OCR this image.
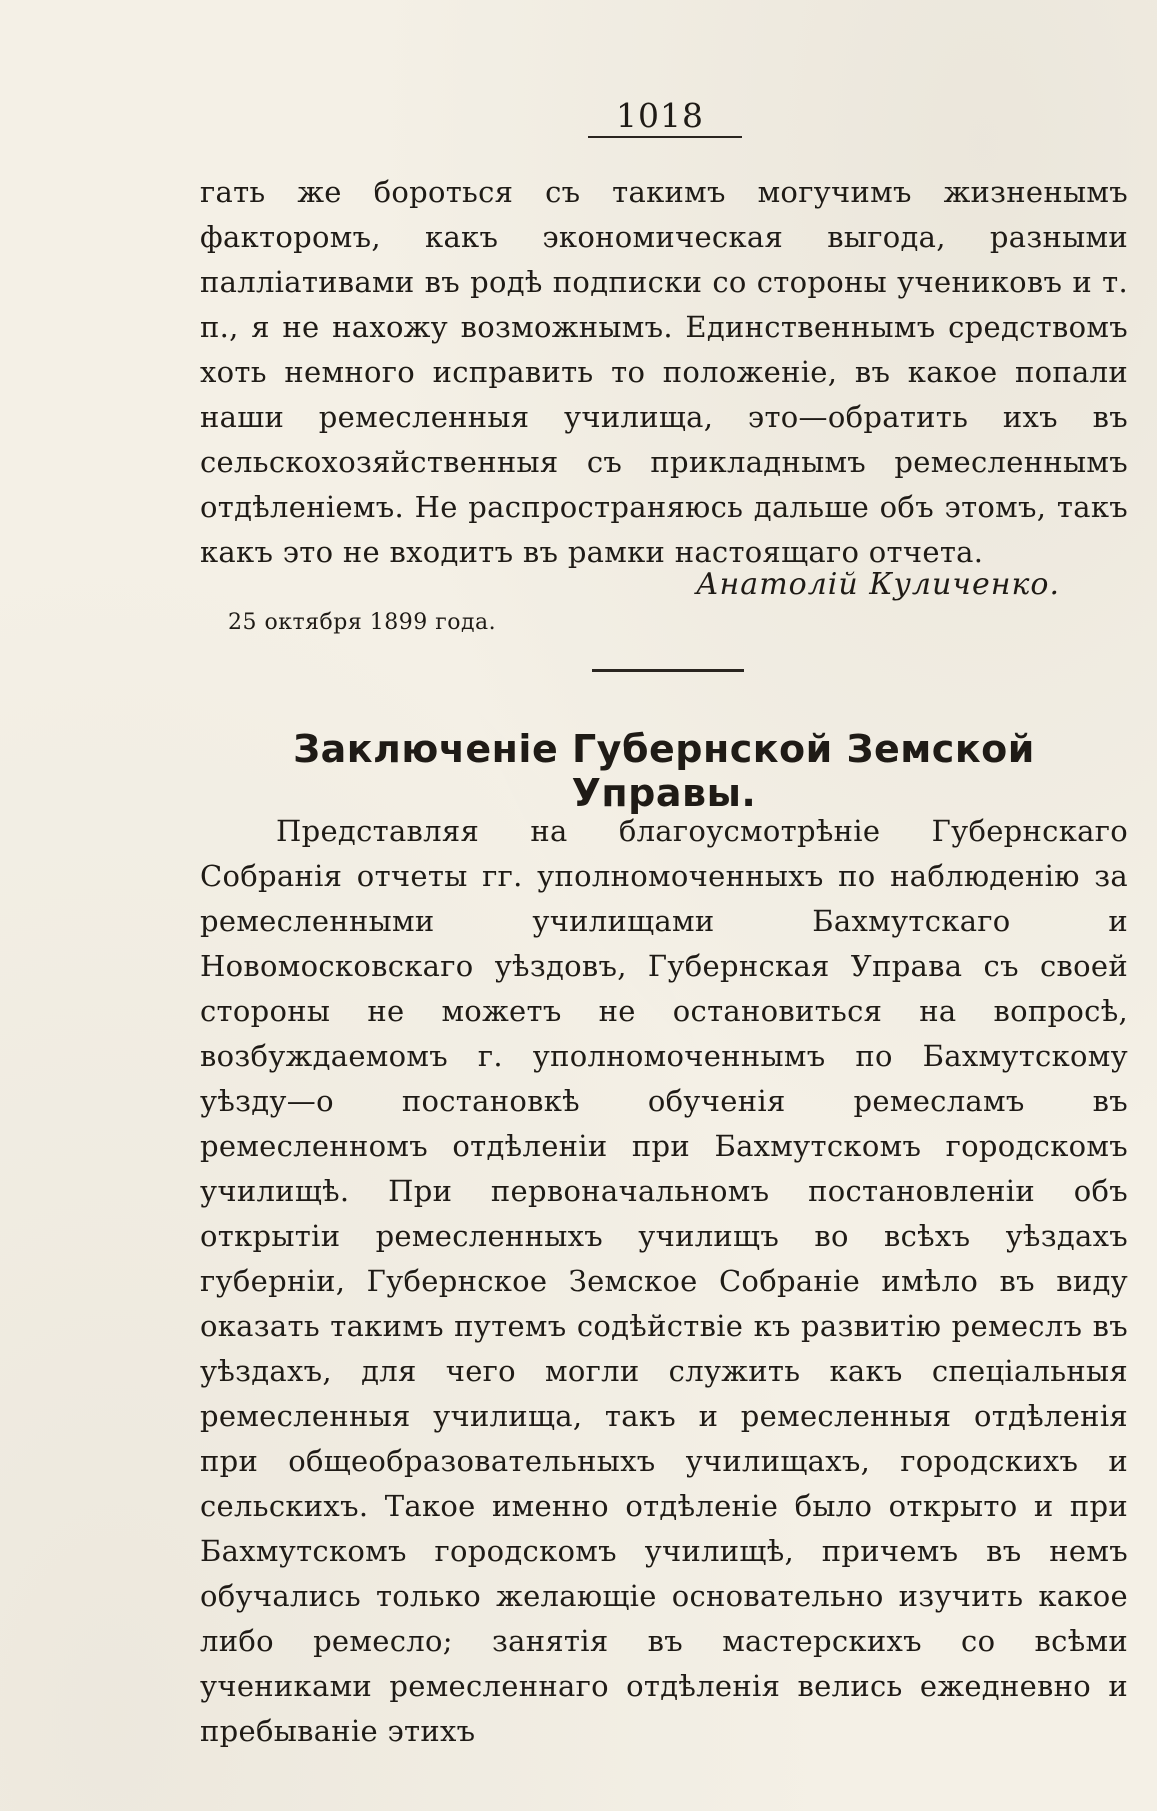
1018

гать же бороться съ такимъ могучимъ жизненымъ факторомъ, какъ экономическая выгода, разными паллiативами въ родѣ подписки со стороны учениковъ и т. п., я не нахожу возможнымъ. Единственнымъ средствомъ хоть немного исправить то положенiе, въ какое попали наши ремесленныя училища, это—обратить ихъ въ сельскохозяйственныя съ прикладнымъ ремесленнымъ отдѣленiемъ. Не распространяюсь дальше объ этомъ, такъ какъ это не входитъ въ рамки настоящаго отчета.

Анатолiй Куличенко.
25 октября 1899 года.
Заключенiе Губернской Земской Управы.

Представляя на благоусмотрѣнiе Губернскаго Собранiя отчеты гг. уполномоченныхъ по наблюденiю за ремесленными училищами Бахмутскаго и Новомосковскаго уѣздовъ, Губернская Управа съ своей стороны не можетъ не остановиться на вопросѣ, возбуждаемомъ г. уполномоченнымъ по Бахмутскому уѣзду—о постановкѣ обученiя ремесламъ въ ремесленномъ отдѣленiи при Бахмутскомъ городскомъ училищѣ. При первоначальномъ постановленiи объ открытiи ремесленныхъ училищъ во всѣхъ уѣздахъ губернiи, Губернское Земское Собранiе имѣло въ виду оказать такимъ путемъ содѣйствiе къ развитiю ремеслъ въ уѣздахъ, для чего могли служить какъ спецiальныя ремесленныя училища, такъ и ремесленныя отдѣленiя при общеобразовательныхъ училищахъ, городскихъ и сельскихъ. Такое именно отдѣленiе было открыто и при Бахмутскомъ городскомъ училищѣ, причемъ въ немъ обучались только желающiе основательно изучить какое либо ремесло; занятiя въ мастерскихъ со всѣми учениками ремесленнаго отдѣленiя велись ежедневно и пребыванiе этихъ
